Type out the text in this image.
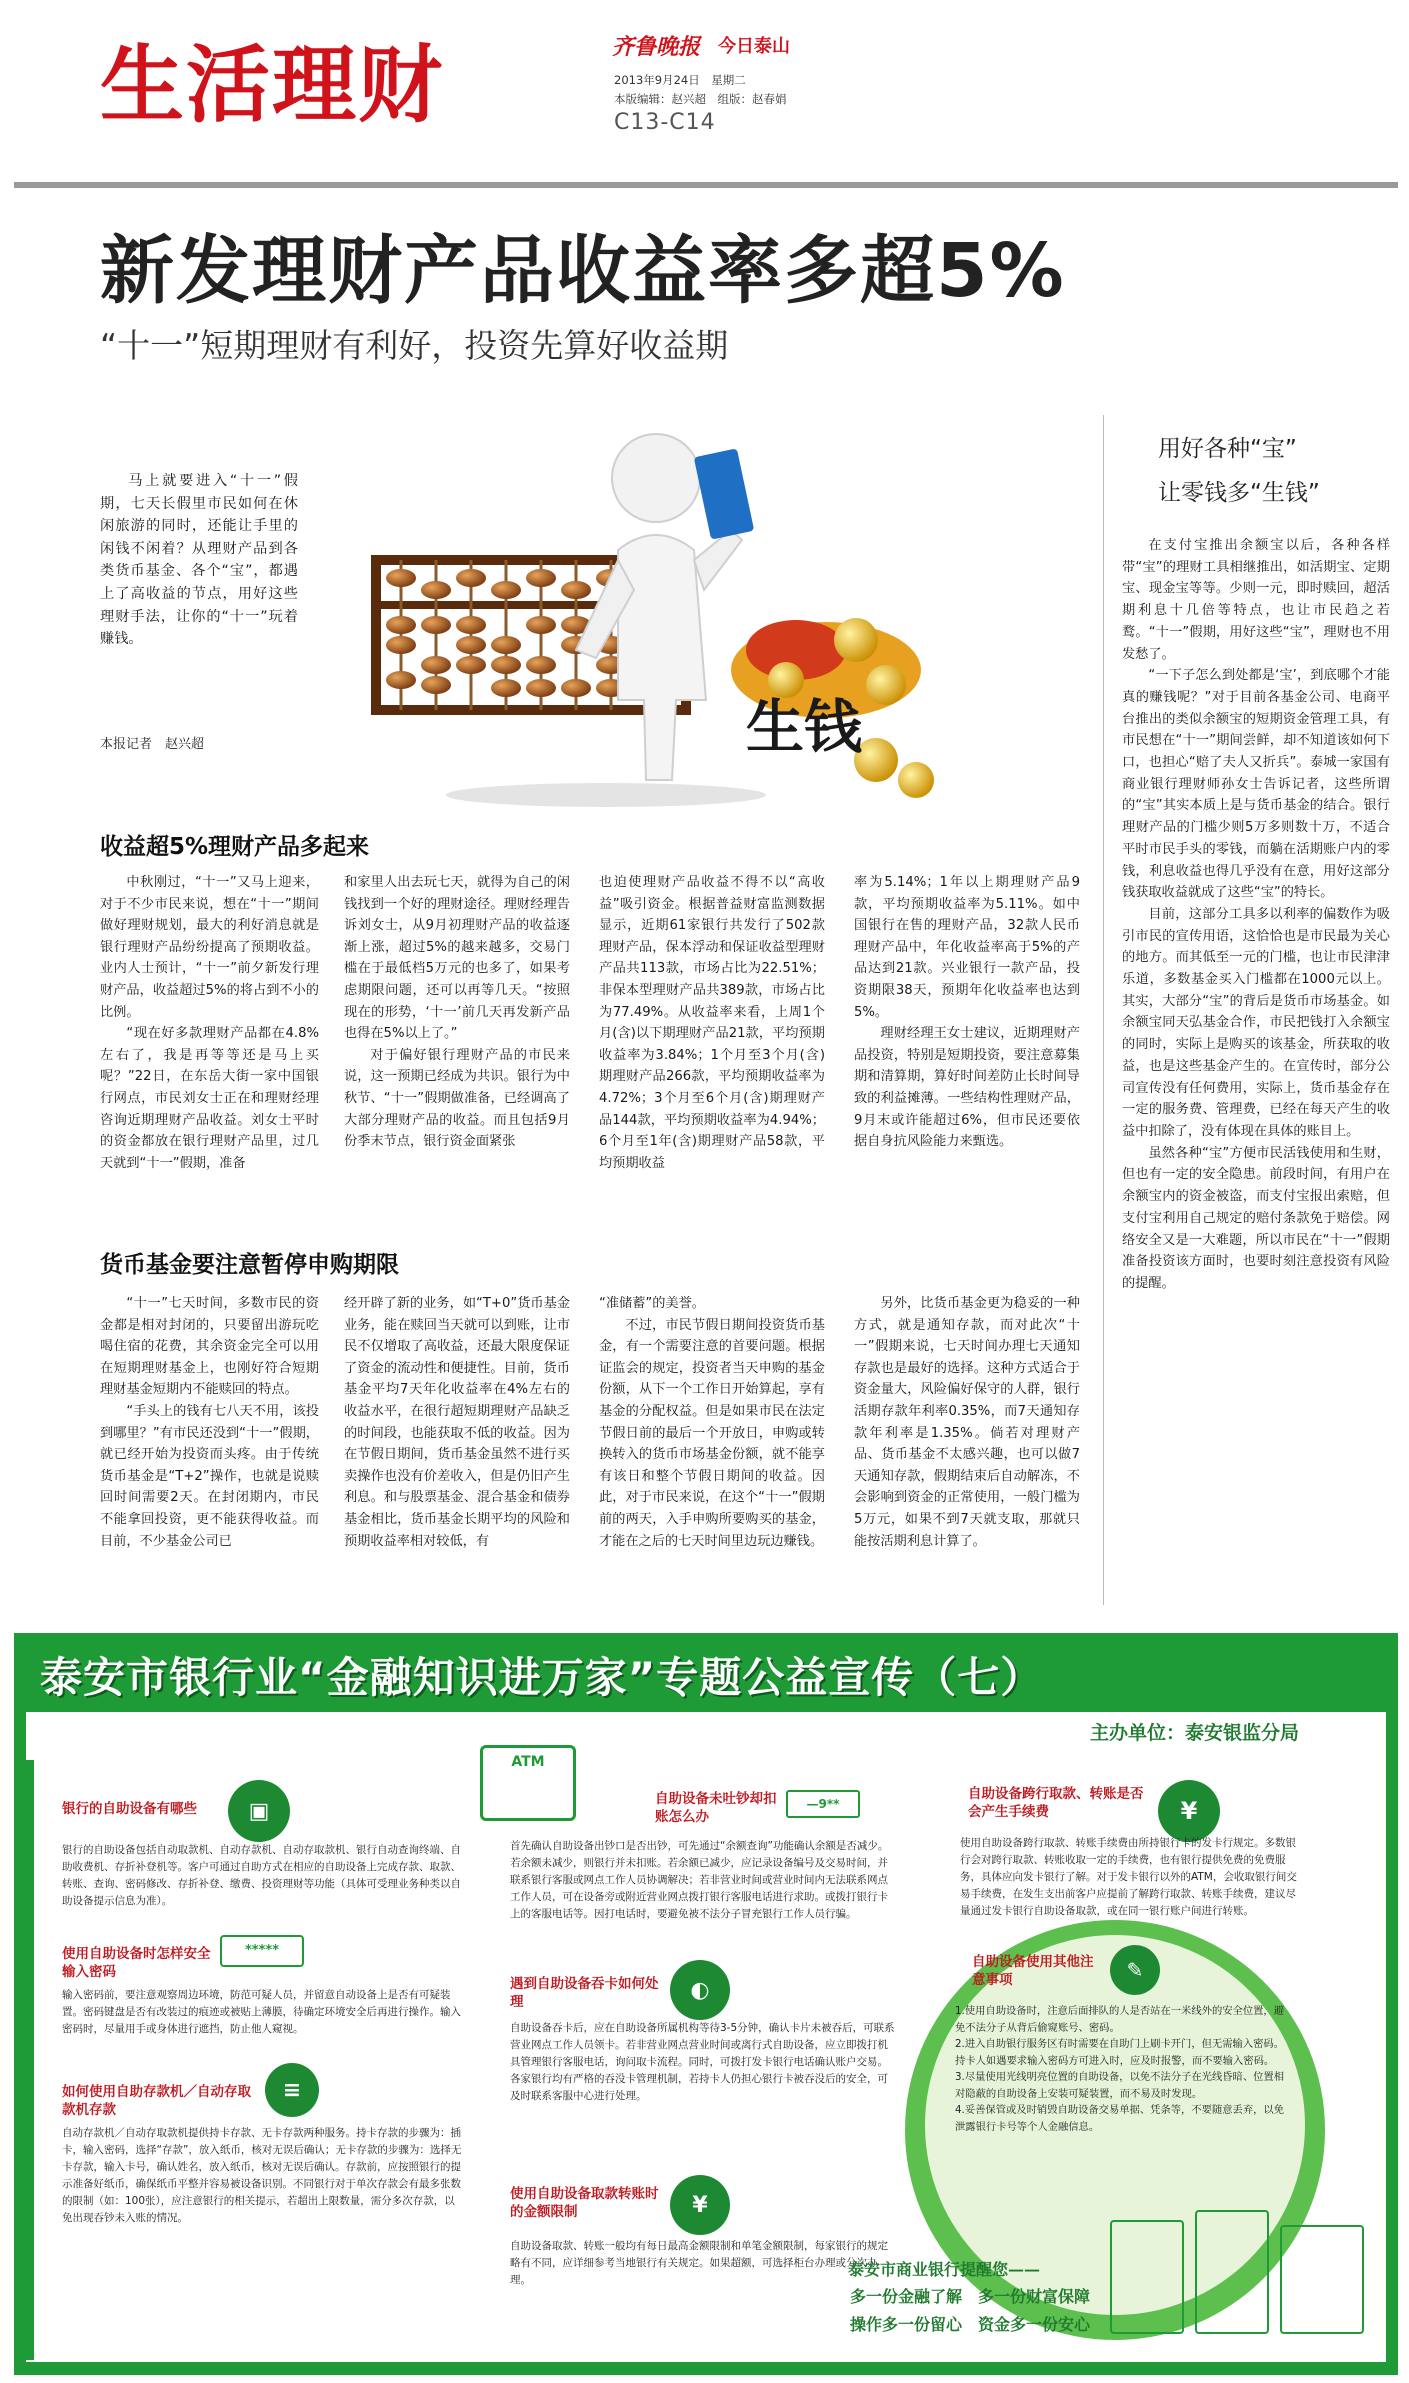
生活理财	齐鲁晚报 今日泰山
2013年9月24日　星期二
本版编辑：赵兴超　组版：赵春娟
C13-C14
新发理财产品收益率多超5%
“十一”短期理财有利好，投资先算好收益期

马上就要进入“十一”假期，七天长假里市民如何在休闲旅游的同时，还能让手里的闲钱不闲着？从理财产品到各类货币基金、各个“宝”，都遇上了高收益的节点，用好这些理财手法，让你的“十一”玩着赚钱。

本报记者　赵兴超	生钱
收益超5%理财产品多起来

中秋刚过，“十一”又马上迎来，对于不少市民来说，想在“十一”期间做好理财规划，最大的利好消息就是银行理财产品纷纷提高了预期收益。业内人士预计，“十一”前夕新发行理财产品，收益超过5%的将占到不小的比例。

“现在好多款理财产品都在4.8%左右了，我是再等等还是马上买呢？”22日，在东岳大街一家中国银行网点，市民刘女士正在和理财经理咨询近期理财产品收益。刘女士平时的资金都放在银行理财产品里，过几天就到“十一”假期，准备

和家里人出去玩七天，就得为自己的闲钱找到一个好的理财途径。理财经理告诉刘女士，从9月初理财产品的收益逐渐上涨，超过5%的越来越多，交易门槛在于最低档5万元的也多了，如果考虑期限问题，还可以再等几天。“按照现在的形势，‘十一’前几天再发新产品也得在5%以上了。”

对于偏好银行理财产品的市民来说，这一预期已经成为共识。银行为中秋节、“十一”假期做准备，已经调高了大部分理财产品的收益。而且包括9月份季末节点，银行资金面紧张

也迫使理财产品收益不得不以“高收益”吸引资金。根据普益财富监测数据显示，近期61家银行共发行了502款理财产品，保本浮动和保证收益型理财产品共113款，市场占比为22.51%；非保本型理财产品共389款，市场占比为77.49%。从收益率来看，上周1个月(含)以下期理财产品21款，平均预期收益率为3.84%；1个月至3个月(含)期理财产品266款，平均预期收益率为4.72%；3个月至6个月(含)期理财产品144款，平均预期收益率为4.94%；6个月至1年(含)期理财产品58款，平均预期收益

率为5.14%；1年以上期理财产品9款，平均预期收益率为5.11%。如中国银行在售的理财产品，32款人民币理财产品中，年化收益率高于5%的产品达到21款。兴业银行一款产品，投资期限38天，预期年化收益率也达到5%。

理财经理王女士建议，近期理财产品投资，特别是短期投资，要注意募集期和清算期，算好时间差防止长时间导致的利益摊薄。一些结构性理财产品，9月末或许能超过6%，但市民还要依据自身抗风险能力来甄选。

货币基金要注意暂停申购期限

“十一”七天时间，多数市民的资金都是相对封闭的，只要留出游玩吃喝住宿的花费，其余资金完全可以用在短期理财基金上，也刚好符合短期理财基金短期内不能赎回的特点。

“手头上的钱有七八天不用，该投到哪里？”有市民还没到“十一”假期，就已经开始为投资而头疼。由于传统货币基金是“T+2”操作，也就是说赎回时间需要2天。在封闭期内，市民不能拿回投资，更不能获得收益。而目前，不少基金公司已

经开辟了新的业务，如“T+0”货币基金业务，能在赎回当天就可以到账，让市民不仅增取了高收益，还最大限度保证了资金的流动性和便捷性。目前，货币基金平均7天年化收益率在4%左右的收益水平，在很行超短期理财产品缺乏的时间段，也能获取不低的收益。因为在节假日期间，货币基金虽然不进行买卖操作也没有价差收入，但是仍旧产生利息。和与股票基金、混合基金和债券基金相比，货币基金长期平均的风险和预期收益率相对较低，有

“准储蓄”的美誉。

不过，市民节假日期间投资货币基金，有一个需要注意的首要问题。根据证监会的规定，投资者当天申购的基金份额，从下一个工作日开始算起，享有基金的分配权益。但是如果市民在法定节假日前的最后一个开放日，申购或转换转入的货币市场基金份额，就不能享有该日和整个节假日期间的收益。因此，对于市民来说，在这个“十一”假期前的两天，入手申购所要购买的基金，才能在之后的七天时间里边玩边赚钱。

另外，比货币基金更为稳妥的一种方式，就是通知存款，而对此次“十一”假期来说，七天时间办理七天通知存款也是最好的选择。这种方式适合于资金量大，风险偏好保守的人群，银行活期存款年利率0.35%，而7天通知存款年利率是1.35%。倘若对理财产品、货币基金不太感兴趣，也可以做7天通知存款，假期结束后自动解冻，不会影响到资金的正常使用，一般门槛为5万元，如果不到7天就支取，那就只能按活期利息计算了。

用好各种“宝”
让零钱多“生钱”

在支付宝推出余额宝以后，各种各样带“宝”的理财工具相继推出，如活期宝、定期宝、现金宝等等。少则一元，即时赎回，超活期利息十几倍等特点，也让市民趋之若鹜。“十一”假期，用好这些“宝”，理财也不用发愁了。

“一下子怎么到处都是‘宝’，到底哪个才能真的赚钱呢？”对于目前各基金公司、电商平台推出的类似余额宝的短期资金管理工具，有市民想在“十一”期间尝鲜，却不知道该如何下口，也担心“赔了夫人又折兵”。泰城一家国有商业银行理财师孙女士告诉记者，这些所谓的“宝”其实本质上是与货币基金的结合。银行理财产品的门槛少则5万多则数十万，不适合平时市民手头的零钱，而躺在活期账户内的零钱，利息收益也得几乎没有在意，用好这部分钱获取收益就成了这些“宝”的特长。

目前，这部分工具多以利率的偏数作为吸引市民的宣传用语，这恰恰也是市民最为关心的地方。而其低至一元的门槛，也让市民津津乐道，多数基金买入门槛都在1000元以上。其实，大部分“宝”的背后是货币市场基金。如余额宝同天弘基金合作，市民把钱打入余额宝的同时，实际上是购买的该基金，所获取的收益，也是这些基金产生的。在宣传时，部分公司宣传没有任何费用，实际上，货币基金存在一定的服务费、管理费，已经在每天产生的收益中扣除了，没有体现在具体的账目上。

虽然各种“宝”方便市民活钱使用和生财，但也有一定的安全隐患。前段时间，有用户在余额宝内的资金被盗，而支付宝报出索赔，但支付宝利用自己规定的赔付条款免于赔偿。网络安全又是一大难题，所以市民在“十一”假期准备投资该方面时，也要时刻注意投资有风险的提醒。

泰安市银行业“金融知识进万家”专题公益宣传（七）
主办单位：泰安银监分局
▣
银行的自助设备有哪些
银行的自助设备包括自动取款机、自动存款机、自动存取款机、银行自动查询终端、自助收费机、存折补登机等。客户可通过自助方式在相应的自助设备上完成存款、取款、转账、查询、密码修改、存折补登、缴费、投资理财等功能（具体可受理业务种类以自助设备提示信息为准）。
*****
使用自助设备时怎样安全输入密码
输入密码前，要注意观察周边环境，防范可疑人员，并留意自动设备上是否有可疑装置。密码键盘是否有改装过的痕迹或被贴上薄膜，待确定环境安全后再进行操作。输入密码时，尽量用手或身体进行遮挡，防止他人窥视。
≡
如何使用自助存款机／自动存取款机存款
自动存款机／自动存取款机提供持卡存款、无卡存款两种服务。持卡存款的步骤为：插卡，输入密码，选择“存款”，放入纸币，核对无误后确认；无卡存款的步骤为：选择无卡存款，输入卡号，确认姓名，放入纸币，核对无误后确认。存款前，应按照银行的提示准备好纸币，确保纸币平整并容易被设备识别。不同银行对于单次存款会有最多张数的限制（如：100张），应注意银行的相关提示，若超出上限数量，需分多次存款，以免出现吞钞未入账的情况。
ATM
—9**
自助设备未吐钞却扣账怎么办
首先确认自助设备出钞口是否出钞，可先通过“余额查询”功能确认余额是否减少。若余额未减少，则银行并未扣账。若余额已减少，应记录设备编号及交易时间，并联系银行客服或网点工作人员协调解决；若非营业时间或营业时间内无法联系网点工作人员，可在设备旁或附近营业网点拨打银行客服电话进行求助。或拨打银行卡上的客服电话等。因打电话时，要避免被不法分子冒充银行工作人员行骗。
◐
遇到自助设备吞卡如何处理
自助设备吞卡后，应在自助设备所属机构等待3-5分钟，确认卡片未被吞后，可联系营业网点工作人员领卡。若非营业网点营业时间或离行式自助设备，应立即拨打机具管理银行客服电话，询问取卡流程。同时，可拨打发卡银行电话确认账户交易。各家银行均有严格的吞没卡管理机制，若持卡人仍担心银行卡被吞没后的安全，可及时联系客服中心进行处理。
¥
使用自助设备取款转账时的金额限制
自助设备取款、转账一般均有每日最高金额限制和单笔金额限制，每家银行的规定略有不同，应详细参考当地银行有关规定。如果超额，可选择柜台办理或分次办理。
¥
自助设备跨行取款、转账是否会产生手续费
使用自助设备跨行取款、转账手续费由所持银行卡的发卡行规定。多数银行会对跨行取款、转账收取一定的手续费，也有银行提供免费的免费服务，具体应向发卡银行了解。对于发卡银行以外的ATM，会收取银行间交易手续费，在发生支出前客户应提前了解跨行取款、转账手续费，建议尽量通过发卡银行自助设备取款，或在同一银行账户间进行转账。
✎
自助设备使用其他注意事项
1.使用自助设备时，注意后面排队的人是否站在一米线外的安全位置，避免不法分子从背后偷窥账号、密码。
2.进入自助银行服务区有时需要在自助门上刷卡开门，但无需输入密码。持卡人如遇要求输入密码方可进入时，应及时报警，而不要输入密码。
3.尽量使用光线明亮位置的自助设备，以免不法分子在光线昏暗、位置相对隐蔽的自助设备上安装可疑装置，而不易及时发现。
4.妥善保管或及时销毁自助设备交易单据、凭条等，不要随意丢弃，以免泄露银行卡号等个人金融信息。
泰安市商业银行提醒您——
多一份金融了解　多一份财富保障
操作多一份留心　资金多一份安心
